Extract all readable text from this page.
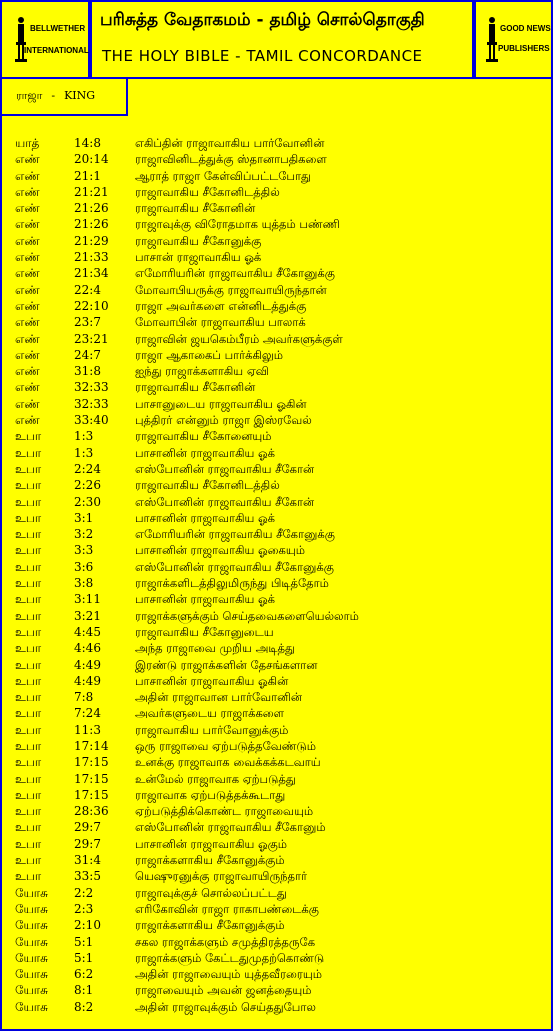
BELLWETHER
INTERNATIONAL
பரிசுத்த வேதாகமம் - தமிழ் சொல்தொகுதி
THE HOLY BIBLE - TAMIL CONCORDANCE
GOOD NEWS
PUBLISHERS
ராஜா - KING
யாத்	14:8	எகிப்தின் ராஜாவாகிய பார்வோனின்
எண்	20:14 ராஜாவினிடத்துக்கு ஸ்தானாபதிகளை
எண்	21:1	ஆராத் ராஜா கேள்விப்பட்டபோது
எண்	21:21 ராஜாவாகிய சீகோனிடத்தில்
எண்	21:26 ராஜாவாகிய சீகோனின்
எண்	21:26 ராஜாவுக்கு விரோதமாக யுத்தம் பண்ணி
எண்	21:29 ராஜாவாகிய சீகோனுக்கு
எண்	21:33 பாசான் ராஜாவாகிய ஓக்
எண்	21:34 எமோரியரின் ராஜாவாகிய சீகோனுக்கு
எண்	22:4	மோவாபியருக்கு ராஜாவாயிருந்தான்
எண்	22:10 ராஜா அவர்களை என்னிடத்துக்கு
எண்	23:7	மோவாபின் ராஜாவாகிய பாலாக்
எண்	23:21 ராஜாவின் ஜயகெம்பீரம் அவர்களுக்குள்
எண்	24:7	ராஜா ஆகாகைப் பார்க்கிலும்
எண்	31:8	ஐந்து ராஜாக்களாகிய ஏவி
எண்	32:33 ராஜாவாகிய சீகோனின்
எண்	32:33 பாசானுடைய ராஜாவாகிய ஓகின்
எண்	33:40 புத்திரர் என்னும் ராஜா இஸ்ரவேல்
உபா	1:3	ராஜாவாகிய சீகோனையும்
உபா	1:3	பாசானின் ராஜாவாகிய ஓக்
உபா	2:24	எஸ்போனின் ராஜாவாகிய சீகோன்
உபா	2:26	ராஜாவாகிய சீகோனிடத்தில்
உபா	2:30	எஸ்போனின் ராஜாவாகிய சீகோன்
உபா	3:1	பாசானின் ராஜாவாகிய ஓக்
உபா	3:2	எமோரியரின் ராஜாவாகிய சீகோனுக்கு
உபா	3:3	பாசானின் ராஜாவாகிய ஓகையும்
உபா	3:6	எஸ்போனின் ராஜாவாகிய சீகோனுக்கு
உபா	3:8	ராஜாக்களிடத்திலுமிருந்து பிடித்தோம்
உபா	3:11	பாசானின் ராஜாவாகிய ஓக்
உபா	3:21	ராஜாக்களுக்கும் செய்தவைகளையெல்லாம்
உபா	4:45	ராஜாவாகிய சீகோனுடைய
உபா	4:46	அந்த ராஜாவை முறிய அடித்து
உபா	4:49	இரண்டு ராஜாக்களின் தேசங்களான
உபா	4:49	பாசானின் ராஜாவாகிய ஓகின்
உபா	7:8	அதின் ராஜாவான பார்வோனின்
உபா	7:24	அவர்களுடைய ராஜாக்களை
உபா	11:3	ராஜாவாகிய பார்வோனுக்கும்
உபா	17:14 ஒரு ராஜாவை ஏற்படுத்தவேண்டும்
உபா	17:15 உனக்கு ராஜாவாக வைக்கக்கடவாய்
உபா	17:15 உன்மேல் ராஜாவாக ஏற்படுத்து
உபா	17:15 ராஜாவாக ஏற்படுத்தக்கூடாது
உபா	28:36 ஏற்படுத்திக்கொண்ட ராஜாவையும்
உபா	29:7	எஸ்போனின் ராஜாவாகிய சீகோனும்
உபா	29:7	பாசானின் ராஜாவாகிய ஓகும்
உபா	31:4	ராஜாக்களாகிய சீகோனுக்கும்
உபா	33:5	யெஷுரனுக்கு ராஜாவாயிருந்தார்
யோசு 2:2	ராஜாவுக்குச் சொல்லப்பட்டது
யோசு 2:3	எரிகோவின் ராஜா ராகாபண்டைக்கு
யோசு 2:10	ராஜாக்களாகிய சீகோனுக்கும்
யோசு 5:1	சகல ராஜாக்களும் சமுத்திரத்தருகே
யோசு 5:1	ராஜாக்களும் கேட்டதுமுதற்கொண்டு
யோசு 6:2	அதின் ராஜாவையும் யுத்தவீரரையும்
யோசு 8:1	ராஜாவையும் அவன் ஜனத்தையும்
யோசு 8:2	அதின் ராஜாவுக்கும் செய்ததுபோல
